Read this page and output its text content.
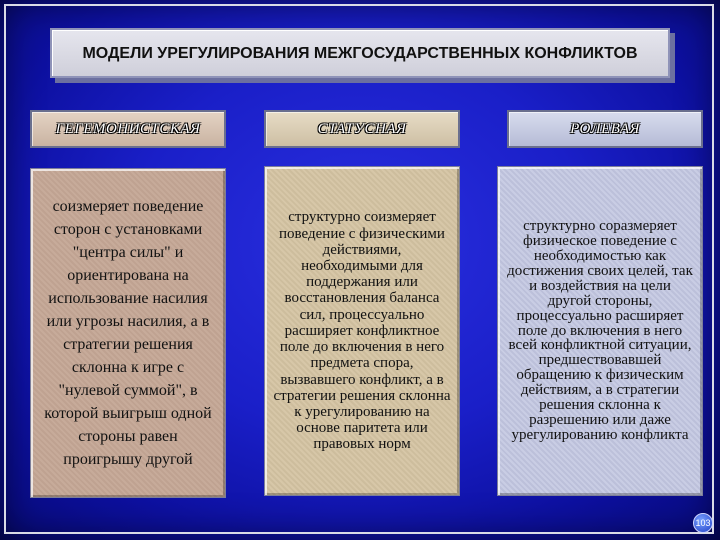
МОДЕЛИ УРЕГУЛИРОВАНИЯ МЕЖГОСУДАРСТВЕННЫХ КОНФЛИКТОВ
ГЕГЕМОНИСТСКАЯ	СТАТУСНАЯ	РОЛЕВАЯ
соизмеряет поведение сторон с установками "центра силы" и ориентирована на использование насилия или угрозы насилия, а в стратегии решения склонна к игре с "нулевой суммой", в которой выигрыш одной стороны равен проигрышу другой
структурно соизмеряет поведение с физическими действиями, необходимыми для поддержания или восстановления баланса сил, процессуально расширяет конфликтное поле до включения в него предмета спора, вызвавшего конфликт, а в стратегии решения склонна к урегулированию на основе паритета или правовых норм
структурно соразмеряет физическое поведение с необходимостью как достижения своих целей, так и воздействия на цели другой стороны, процессуально расширяет поле до включения в него всей конфликтной ситуации, предшествовавшей обращению к физическим действиям, а в стратегии решения склонна к разрешению или даже урегулированию конфликта
103
